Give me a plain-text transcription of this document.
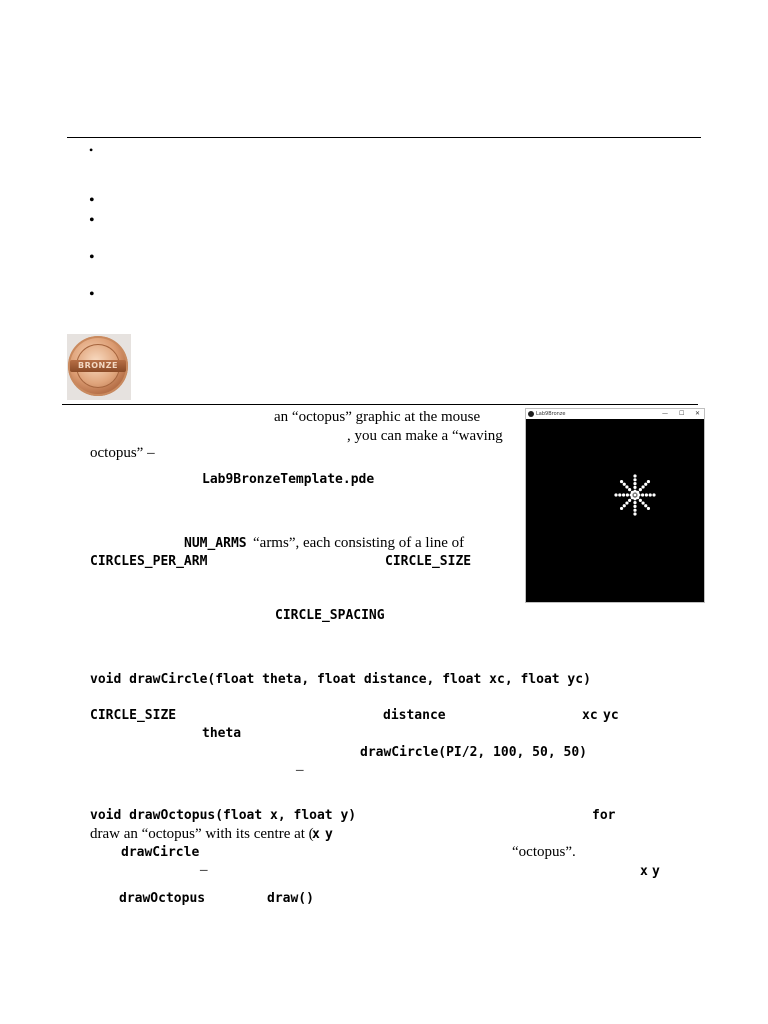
•
•
•
•
•
BRONZE
an “octopus” graphic at the mouse
, you can make a “waving
octopus” –
Lab9BronzeTemplate.pde
NUM_ARMS “arms”, each consisting of a line of
CIRCLES_PER_ARM	CIRCLE_SIZE
CIRCLE_SPACING
void drawCircle(float theta, float distance, float xc, float yc)
CIRCLE_SIZE	distance	xc yc
theta
drawCircle(PI/2, 100, 50, 50)
–
void drawOctopus(float x, float y)	for
draw an “octopus” with its centre at (
x y
drawCircle	“octopus”.
–	x y
drawOctopus	draw()
Lab9Bronze	— ☐ ✕
